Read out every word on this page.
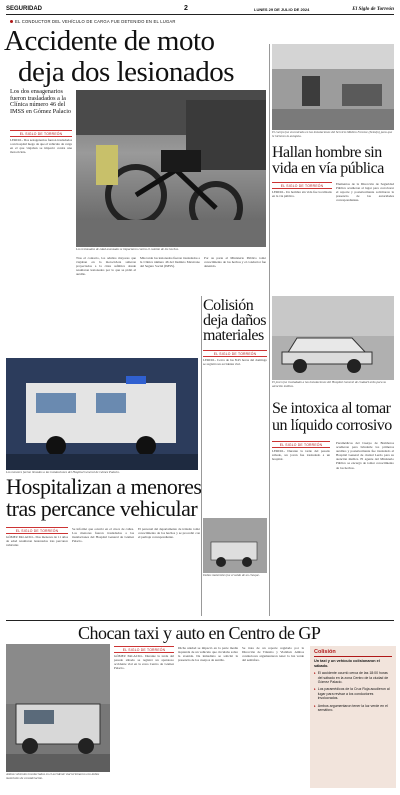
SEGURIDAD	2	LUNES 29 DE JULIO DE 2024	El Siglo de Torreón
EL CONDUCTOR DEL VEHÍCULO DE CARGA FUE DETENIDO EN EL LUGAR
Accidente de moto
deja dos lesionados
Los dos ensagenarios fueron trasladados a la Clínica número 46 del IMSS en Gómez Palacio
EL SIGLO DE TORREÓN
LERDO.- Dos sexagenarios fueron trasladados a un hospital luego de que el vehículo de carga en el que viajaban se impactó contra una motocicleta.
Los lesionados de edad avanzada se impactaron contra el camión de los hechos.
Tras el contacto, los adultos mayores que viajaban en la motocicleta salieron proyectados a la cinta asfáltica donde resultaron lesionados por lo que se pidió el auxilio.
Más tarde los lesionados fueron trasladados a la Clínica número 46 del Instituto Mexicano del Seguro Social (IMSS).
Por su parte el Ministerio Público tomó conocimiento de los hechos y el conductor fue detenido.
El cuerpo fue encontrado en las instalaciones del Servicio Médico Forense (Semefo) para que le hicieran la autopsia.
Hallan hombre sin vida en vía pública
EL SIGLO DE TORREÓN
LERDO.- Un hombre sin vida fue localizado en la vía pública.
Elementos de la Dirección de Seguridad Pública acudieron al lugar para corroborar el reporte y posteriormente solicitaron la presencia de las autoridades correspondientes.
El joven fue trasladado a las instalaciones del Hospital General de ciudad Lerdo para su atención médica.
Colisión
deja daños
materiales
EL SIGLO DE TORREÓN
LERDO.- Cerca de las 8:45 horas del domingo se registró un accidente vial.
Los menores fueron llevados a las instalaciones del Hospital General de Gómez Palacio.
Hospitalizan a menores
tras percance vehicular
EL SIGLO DE TORREÓN
GÓMEZ PALACIO.- Dos menores de 11 años de edad resultaron lesionados tras percance vehicular.
Se informó que ocurrió en el cruce de calles. Los menores fueron trasladados a las instalaciones del Hospital General de Gómez Palacio.
El personal del departamento de tránsito tomó conocimiento de los hechos y se procedió con el peritaje correspondiente.
Daños materiales fue el saldo de un choque.
Se intoxica al tomar
un líquido corrosivo
EL SIGLO DE TORREÓN
LERDO.- Durante la tarde del pasado sábado, un joven fue trasladado a un hospital.
Paramédicos del Cuerpo de Bomberos acudieron para brindarle los primeros auxilios y posteriormente fue trasladado al Hospital General de ciudad Lerdo para su atención médica. El agente del Ministerio Público se encargó de tomar conocimiento de los hechos.
Chocan taxi y auto en Centro de GP
Ambos vehículos involucrados en el accidente vial terminaron con daños materiales de consideración.
EL SIGLO DE TORREÓN
GÓMEZ PALACIO.- Durante la tarde del pasado sábado se registró un aparatoso accidente vial en la zona Centro de Gómez Palacio.
Dicha unidad se impactó en la parte media izquierda de un vehículo que circulaba sobre la avenida. De inmediato se solicitó la presencia de los cuerpos de auxilio.
Se trata de un reporte regulado por la Dirección de Tránsito y Vialidad. Ambos conductores argumentaron tener la luz verde del semáforo.
Colisión
Un taxi y un vehículo colisionaron el sábado.
▸ El accidente ocurrió cerca de las 18:00 horas del sábado en la zona Centro de la ciudad de Gómez Palacio.
▸ Los paramédicos de la Cruz Roja acudieron al lugar para revisar a los conductores involucrados.
▸ Ambos argumentaron tener la luz verde en el semáforo.
